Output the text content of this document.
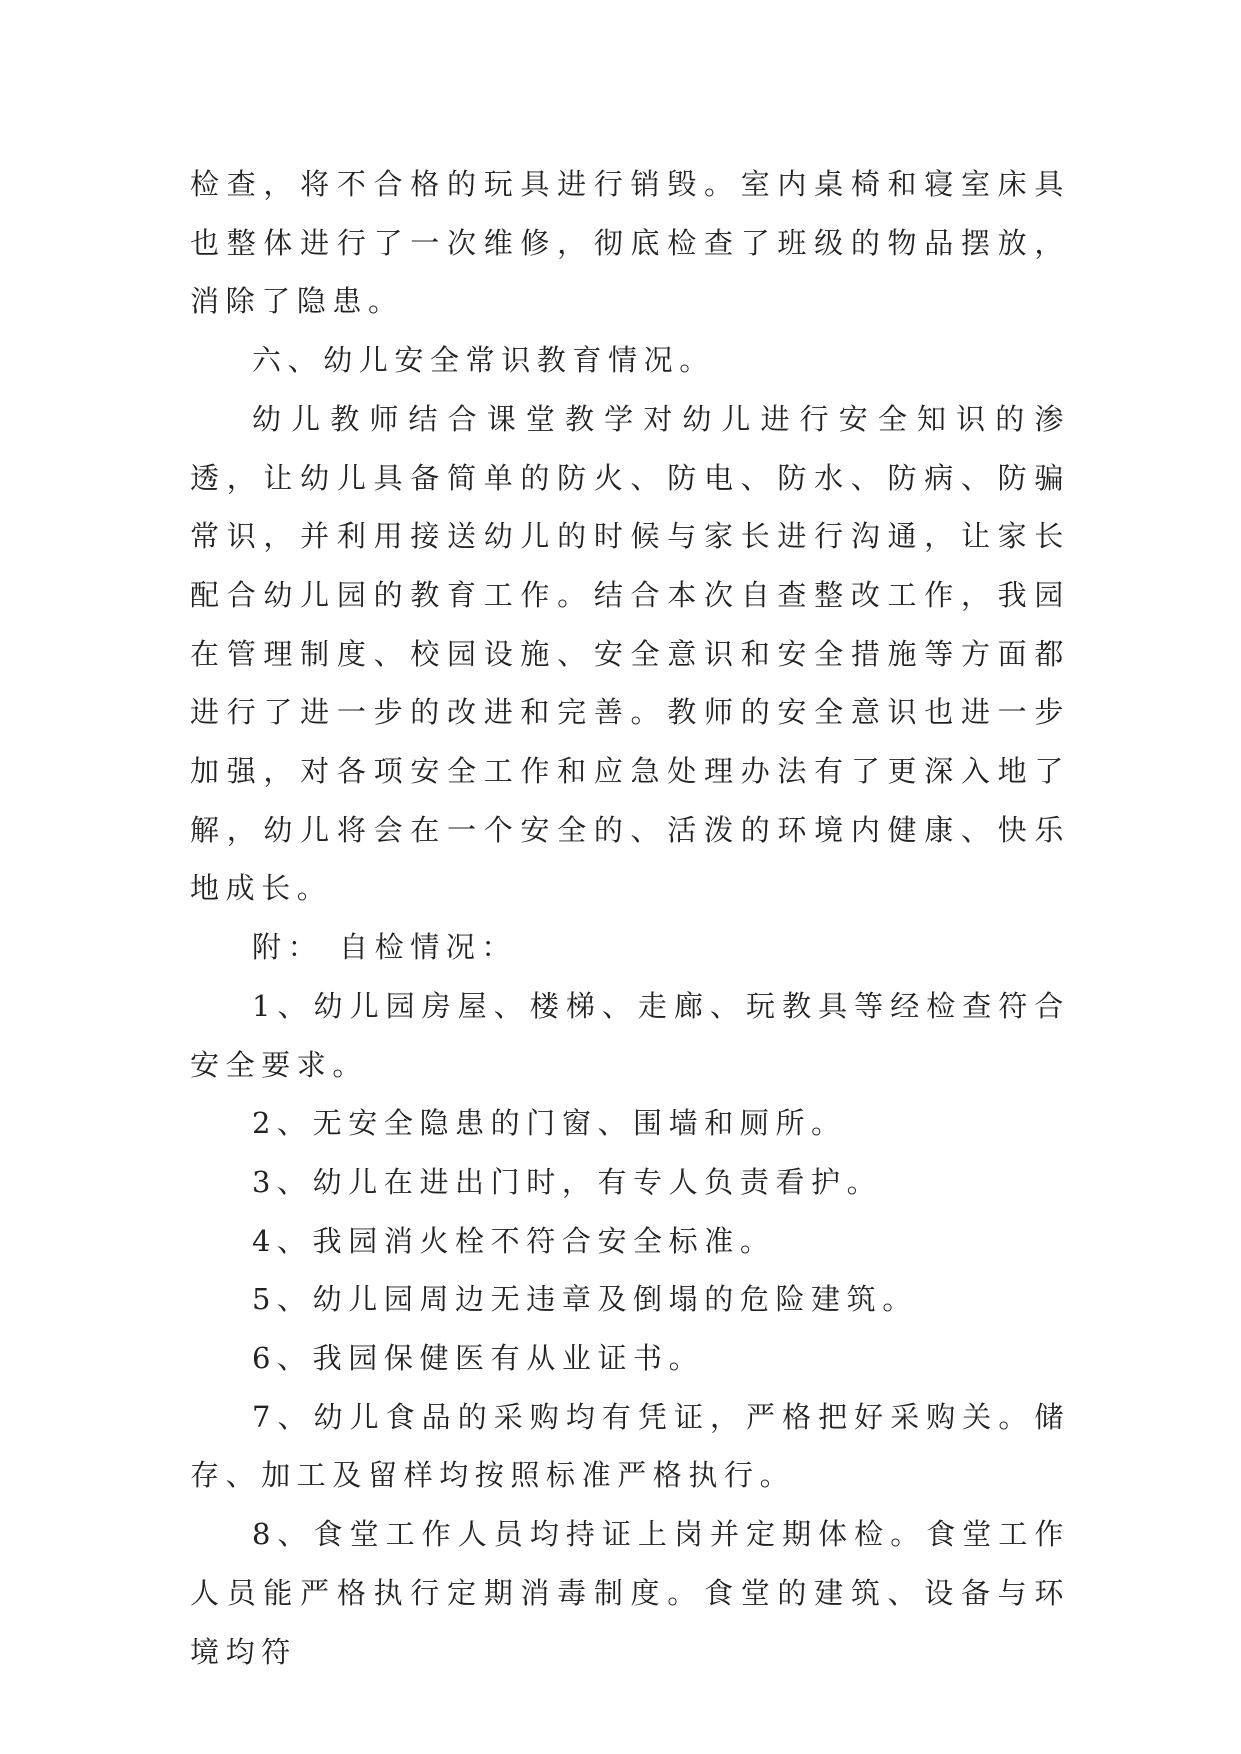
检查，将不合格的玩具进行销毁。室内桌椅和寝室床具也整体进行了一次维修，彻底检查了班级的物品摆放，消除了隐患。

六、幼儿安全常识教育情况。

幼儿教师结合课堂教学对幼儿进行安全知识的渗透，让幼儿具备简单的防火、防电、防水、防病、防骗常识，并利用接送幼儿的时候与家长进行沟通，让家长配合幼儿园的教育工作。结合本次自查整改工作，我园在管理制度、校园设施、安全意识和安全措施等方面都进行了进一步的改进和完善。教师的安全意识也进一步加强，对各项安全工作和应急处理办法有了更深入地了解，幼儿将会在一个安全的、活泼的环境内健康、快乐地成长。

附： 自检情况：

1、幼儿园房屋、楼梯、走廊、玩教具等经检查符合安全要求。

2、无安全隐患的门窗、围墙和厕所。

3、幼儿在进出门时，有专人负责看护。

4、我园消火栓不符合安全标准。

5、幼儿园周边无违章及倒塌的危险建筑。

6、我园保健医有从业证书。

7、幼儿食品的采购均有凭证，严格把好采购关。储存、加工及留样均按照标准严格执行。

8、食堂工作人员均持证上岗并定期体检。食堂工作人员能严格执行定期消毒制度。食堂的建筑、设备与环境均符
